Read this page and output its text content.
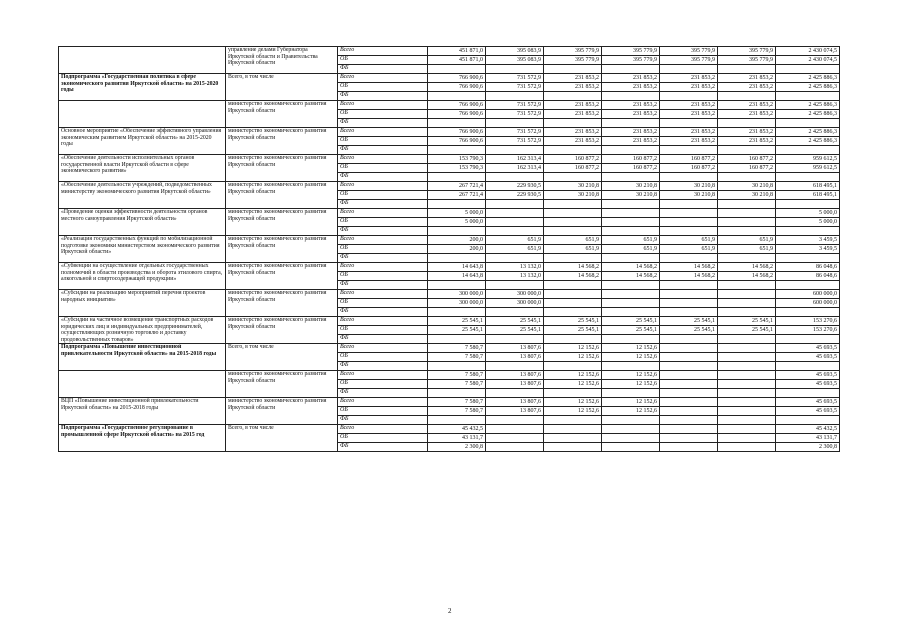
	управление делами Губернатора Иркутской области и Правительства Иркутской области	Всего	451 871,0	395 083,9	395 779,9	395 779,9	395 779,9	395 779,9	2 430 074,5
		ОБ	451 871,0	395 083,9	395 779,9	395 779,9	395 779,9	395 779,9	2 430 074,5
		ФБ							
Подпрограмма «Государственная политика в сфере экономического развития Иркутской области» на 2015-2020 годы	Всего, в том числе	Всего	766 900,6	731 572,9	231 853,2	231 853,2	231 853,2	231 853,2	2 425 886,3
		ОБ	766 900,6	731 572,9	231 853,2	231 853,2	231 853,2	231 853,2	2 425 886,3
		ФБ							
	министерство экономического развития Иркутской области	Всего	766 900,6	731 572,9	231 853,2	231 853,2	231 853,2	231 853,2	2 425 886,3
		ОБ	766 900,6	731 572,9	231 853,2	231 853,2	231 853,2	231 853,2	2 425 886,3
		ФБ							
Основное мероприятие «Обеспечение эффективного управления экономическим развитием Иркутской области» на 2015-2020 годы	министерство экономического развития Иркутской области	Всего	766 900,6	731 572,9	231 853,2	231 853,2	231 853,2	231 853,2	2 425 886,3
		ОБ	766 900,6	731 572,9	231 853,2	231 853,2	231 853,2	231 853,2	2 425 886,3
		ФБ							
«Обеспечение деятельности исполнительных органов государственной власти Иркутской области в сфере экономического развития»	министерство экономического развития Иркутской области	Всего	153 790,3	162 313,4	160 877,2	160 877,2	160 877,2	160 877,2	959 612,5
		ОБ	153 790,3	162 313,4	160 877,2	160 877,2	160 877,2	160 877,2	959 612,5
		ФБ							
«Обеспечение деятельности учреждений, подведомственных министерству экономического развития Иркутской области»	министерство экономического развития Иркутской области	Всего	267 721,4	229 930,5	30 210,8	30 210,8	30 210,8	30 210,8	618 495,1
		ОБ	267 721,4	229 930,5	30 210,8	30 210,8	30 210,8	30 210,8	618 495,1
		ФБ							
«Проведение оценки эффективности деятельности органов местного самоуправления Иркутской области»	министерство экономического развития Иркутской области	Всего	5 000,0						5 000,0
		ОБ	5 000,0						5 000,0
		ФБ							
«Реализация государственных функций по мобилизационной подготовке экономики министерством экономического развития Иркутской области»	министерство экономического развития Иркутской области	Всего	200,0	651,9	651,9	651,9	651,9	651,9	3 459,5
		ОБ	200,0	651,9	651,9	651,9	651,9	651,9	3 459,5
		ФБ							
«Субвенции на осуществление отдельных государственных полномочий в области производства и оборота этилового спирта, алкогольной и спиртосодержащей продукции»	министерство экономического развития Иркутской области	Всего	14 643,8	13 132,0	14 568,2	14 568,2	14 568,2	14 568,2	86 048,6
		ОБ	14 643,8	13 132,0	14 568,2	14 568,2	14 568,2	14 568,2	86 048,6
		ФБ							
«Субсидии на реализацию мероприятий перечня проектов народных инициатив»	министерство экономического развития Иркутской области	Всего	300 000,0	300 000,0					600 000,0
		ОБ	300 000,0	300 000,0					600 000,0
		ФБ							
«Субсидии на частичное возмещение транспортных расходов юридических лиц и индивидуальных предпринимателей, осуществляющих розничную торговлю и доставку продовольственных товаров»	министерство экономического развития Иркутской области	Всего	25 545,1	25 545,1	25 545,1	25 545,1	25 545,1	25 545,1	153 270,6
		ОБ	25 545,1	25 545,1	25 545,1	25 545,1	25 545,1	25 545,1	153 270,6
		ФБ							
Подпрограмма «Повышение инвестиционной привлекательности Иркутской области» на 2015-2018 годы	Всего, в том числе	Всего	7 580,7	13 807,6	12 152,6	12 152,6			45 693,5
		ОБ	7 580,7	13 807,6	12 152,6	12 152,6			45 693,5
		ФБ							
	министерство экономического развития Иркутской области	Всего	7 580,7	13 807,6	12 152,6	12 152,6			45 693,5
		ОБ	7 580,7	13 807,6	12 152,6	12 152,6			45 693,5
		ФБ							
ВЦП «Повышение инвестиционной привлекательности Иркутской области» на 2015-2018 годы	министерство экономического развития Иркутской области	Всего	7 580,7	13 807,6	12 152,6	12 152,6			45 693,5
		ОБ	7 580,7	13 807,6	12 152,6	12 152,6			45 693,5
		ФБ							
Подпрограмма «Государственное регулирование в промышленной сфере Иркутской области» на 2015 год	Всего, в том числе	Всего	45 432,5						45 432,5
		ОБ	43 131,7						43 131,7
		ФБ	2 300,8						2 300,8
2
